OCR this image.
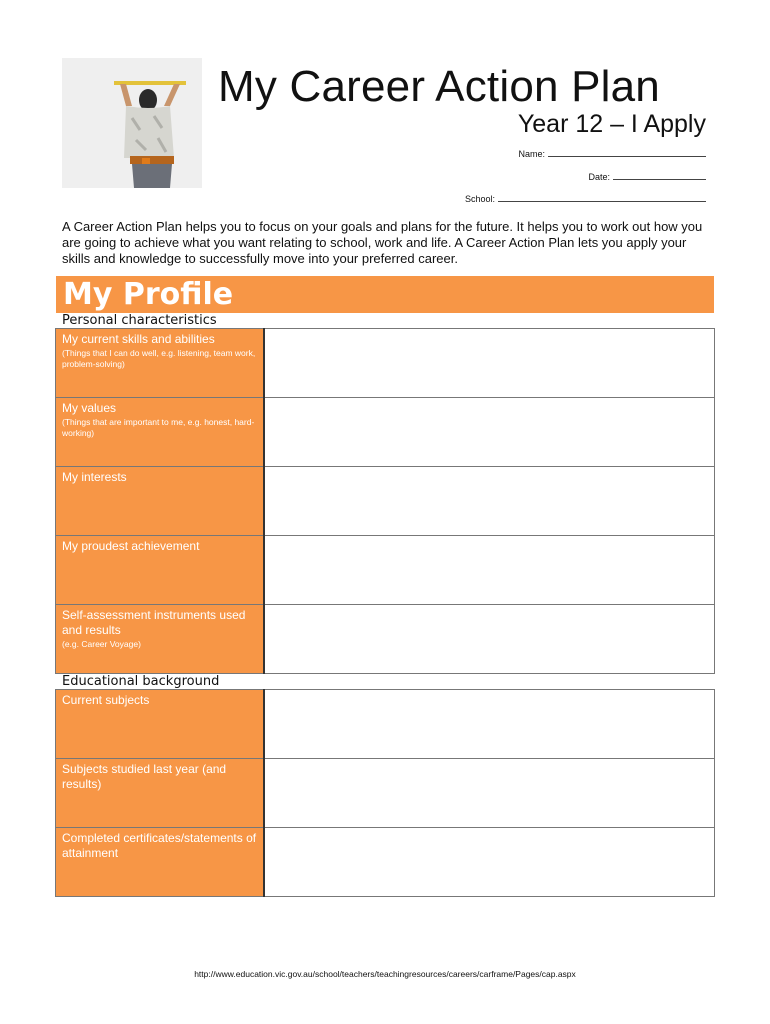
My Career Action Plan
Year 12 – I Apply
Name:
Date:
School:
A Career Action Plan helps you to focus on your goals and plans for the future. It helps you to work out how you are going to achieve what you want relating to school, work and life. A Career Action Plan lets you apply your skills and knowledge to successfully move into your preferred career.
My Profile
Personal characteristics
My current skills and abilities
(Things that I can do well, e.g. listening, team work, problem-solving)	

My values
(Things that are important to me, e.g. honest, hard-working)	

My interests	

My proudest achievement	

Self-assessment instruments used and results
(e.g. Career Voyage)	

Educational background
Current subjects	

Subjects studied last year (and results)	

Completed certificates/statements of attainment	

http://www.education.vic.gov.au/school/teachers/teachingresources/careers/carframe/Pages/cap.aspx
